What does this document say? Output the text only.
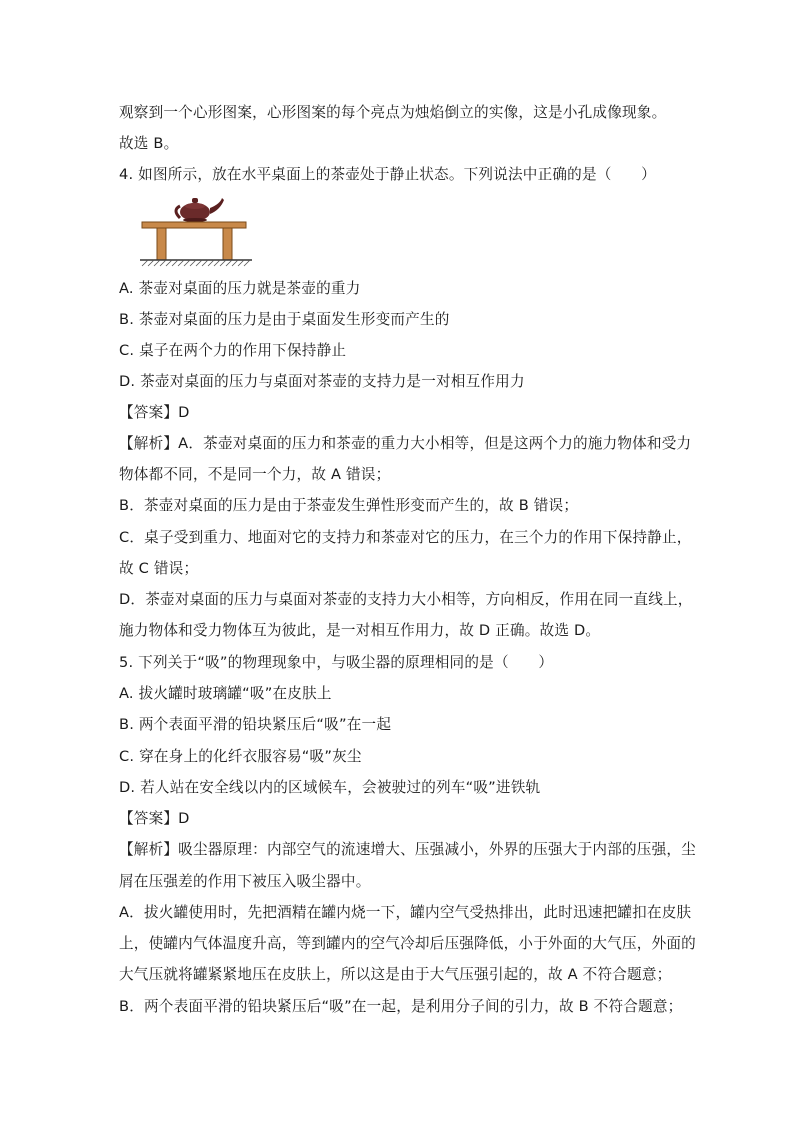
观察到一个心形图案，心形图案的每个亮点为烛焰倒立的实像，这是小孔成像现象。
故选 B。
4. 如图所示，放在水平桌面上的茶壶处于静止状态。下列说法中正确的是（　　）
A. 茶壶对桌面的压力就是茶壶的重力
B. 茶壶对桌面的压力是由于桌面发生形变而产生的
C. 桌子在两个力的作用下保持静止
D. 茶壶对桌面的压力与桌面对茶壶的支持力是一对相互作用力
【答案】D
【解析】A．茶壶对桌面的压力和茶壶的重力大小相等，但是这两个力的施力物体和受力
物体都不同，不是同一个力，故 A 错误；
B．茶壶对桌面的压力是由于茶壶发生弹性形变而产生的，故 B 错误；
C．桌子受到重力、地面对它的支持力和茶壶对它的压力，在三个力的作用下保持静止，
故 C 错误；
D．茶壶对桌面的压力与桌面对茶壶的支持力大小相等，方向相反，作用在同一直线上，
施力物体和受力物体互为彼此，是一对相互作用力，故 D 正确。故选 D。
5. 下列关于“吸”的物理现象中，与吸尘器的原理相同的是（　　）
A. 拔火罐时玻璃罐“吸”在皮肤上
B. 两个表面平滑的铅块紧压后“吸”在一起
C. 穿在身上的化纤衣服容易“吸”灰尘
D. 若人站在安全线以内的区域候车，会被驶过的列车“吸”进铁轨
【答案】D
【解析】吸尘器原理：内部空气的流速增大、压强减小，外界的压强大于内部的压强，尘
屑在压强差的作用下被压入吸尘器中。
A．拔火罐使用时，先把酒精在罐内烧一下，罐内空气受热排出，此时迅速把罐扣在皮肤
上，使罐内气体温度升高，等到罐内的空气冷却后压强降低，小于外面的大气压，外面的
大气压就将罐紧紧地压在皮肤上，所以这是由于大气压强引起的，故 A 不符合题意；
B．两个表面平滑的铅块紧压后“吸”在一起，是利用分子间的引力，故 B 不符合题意；
